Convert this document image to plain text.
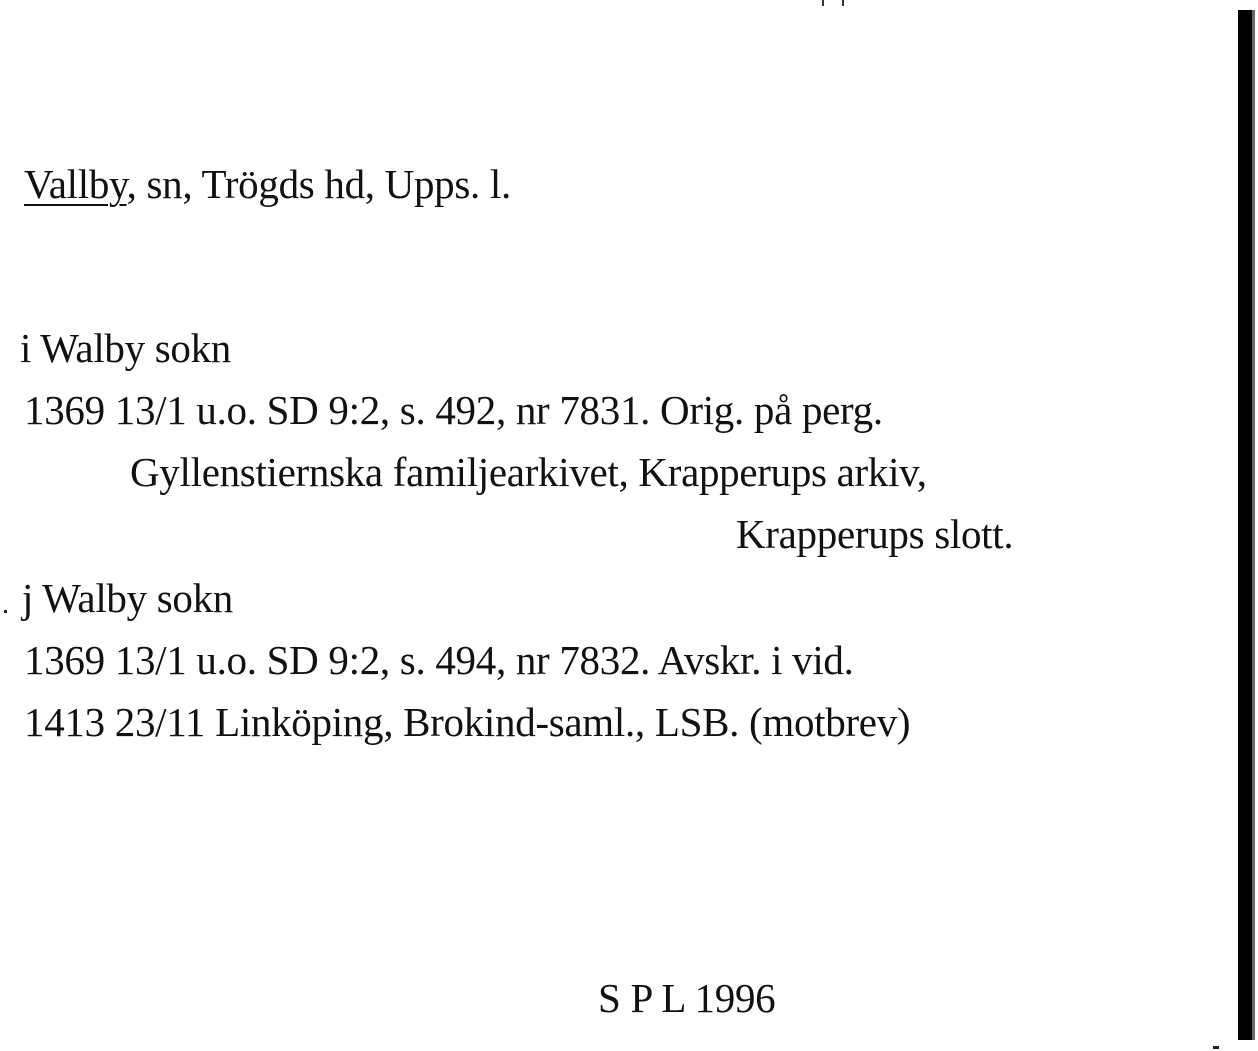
Vallby, sn, Trögds hd, Upps. l.
i Walby sokn
1369 13/1 u.o. SD 9:2, s. 492, nr 7831. Orig. på perg.
Gyllenstiernska familjearkivet, Krapperups arkiv,
Krapperups slott.
j Walby sokn
1369 13/1 u.o. SD 9:2, s. 494, nr 7832. Avskr. i vid.
1413 23/11 Linköping, Brokind-saml., LSB. (motbrev)
S P L 1996
